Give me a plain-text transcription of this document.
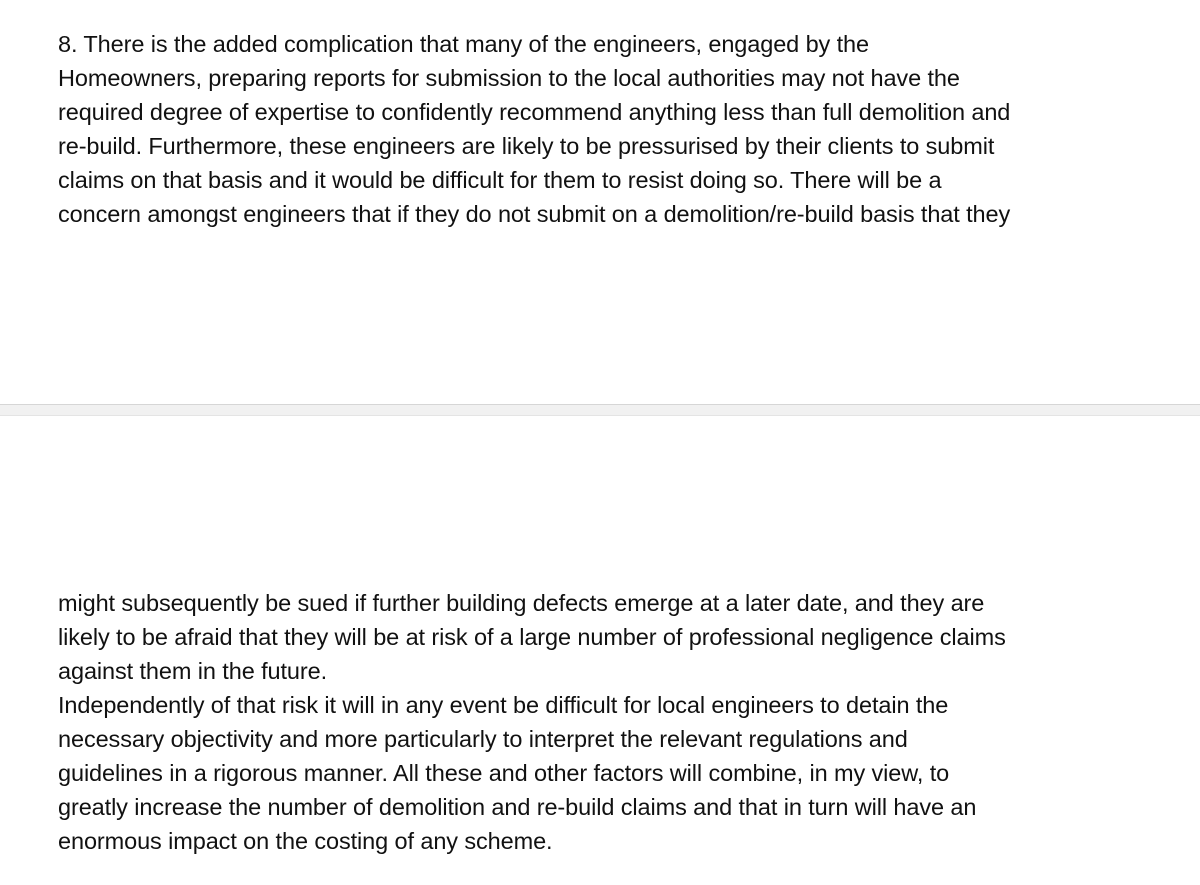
8. There is the added complication that many of the engineers, engaged by the
Homeowners, preparing reports for submission to the local authorities may not have the
required degree of expertise to confidently recommend anything less than full demolition and
re-build. Furthermore, these engineers are likely to be pressurised by their clients to submit
claims on that basis and it would be difficult for them to resist doing so. There will be a
concern amongst engineers that if they do not submit on a demolition/re-build basis that they
might subsequently be sued if further building defects emerge at a later date, and they are
likely to be afraid that they will be at risk of a large number of professional negligence claims
against them in the future.
Independently of that risk it will in any event be difficult for local engineers to detain the
necessary objectivity and more particularly to interpret the relevant regulations and
guidelines in a rigorous manner. All these and other factors will combine, in my view, to
greatly increase the number of demolition and re-build claims and that in turn will have an
enormous impact on the costing of any scheme.
